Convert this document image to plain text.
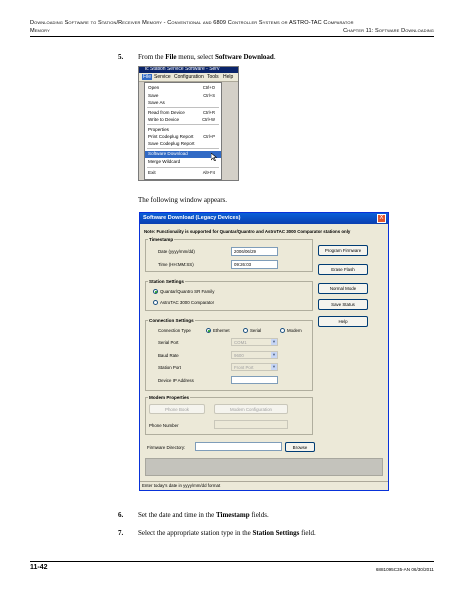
Downloading Software to Station/Receiver Memory - Conventional and 6809 Controller Systems or ASTRO-TAC Comparator
Memory	Chapter 11: Software Downloading
5. From the File menu, select Software Download.
ic Station Service Software - Serv
File Service Configuration Tools Help
Open	Ctrl+O
Save	Ctrl+S
Save As
Read from Device	Ctrl+R
Write to Device	Ctrl+W
Properties
Print Codeplug Report Ctrl+P
Save Codeplug Report
Software Download
Merge Wildcard
Exit	Alt+F4
The following window appears.
Software Download (Legacy Devices)	X
Note: Functionality is supported for Quantar/Quantro and AstroTAC 3000 Comparator stations only
Timestamp
Date (yyyy/mm/dd)	2006/06/29
Time (HH:MM:SS)	09:26:03
Station Settings
Quantar/Quantro SR Family
AstroTAC 3000 Comparator
Connection Settings
Connection Type	Ethernet	Serial	Modem
Serial Port	COM1	▼
Baud Rate	9600	▼
Station Port	Front Port	▼
Device IP Address
Modem Properties
Phone Book	Modem Configuration
Phone Number
Firmware Directory:	Browse
Program Firmware
Erase Flash
Normal Mode
Save Status
Help
Enter today's date in yyyy/mm/dd format
6. Set the date and time in the Timestamp fields.
7. Select the appropriate station type in the Station Settings field.
11-42	6881095C35-AN 06/30/2011
